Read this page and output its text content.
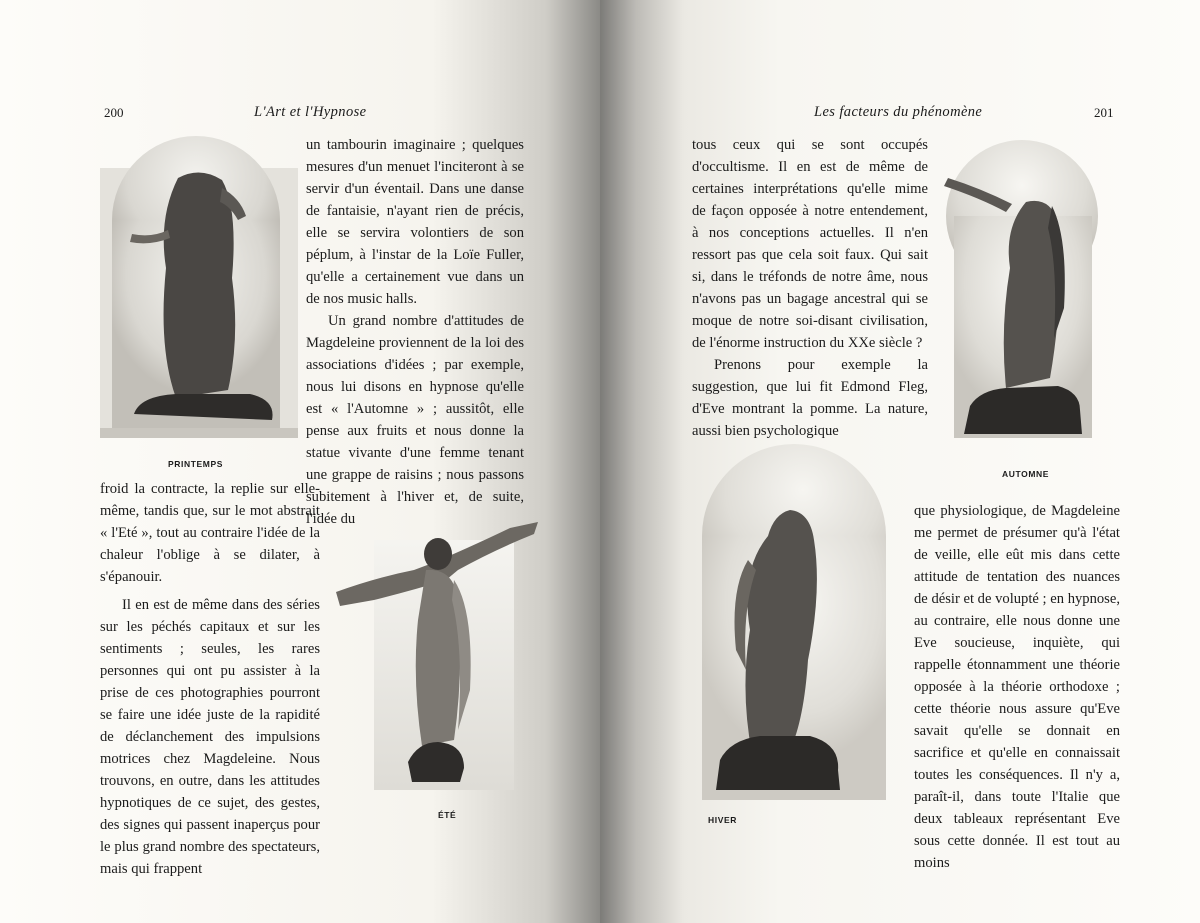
200	L'Art et l'Hypnose
PRINTEMPS

un tambourin imaginaire ; quelques mesures d'un menuet l'inciteront à se servir d'un éventail. Dans une danse de fantaisie, n'ayant rien de précis, elle se servira volontiers de son péplum, à l'instar de la Loïe Fuller, qu'elle a certainement vue dans un de nos music halls.

Un grand nombre d'attitudes de Magdeleine proviennent de la loi des associations d'idées ; par exemple, nous lui disons en hypnose qu'elle est « l'Automne » ; aussitôt, elle pense aux fruits et nous donne la statue vivante d'une femme tenant une grappe de raisins ; nous passons subitement à l'hiver et, de suite, l'idée du

froid la contracte, la replie sur elle-même, tandis que, sur le mot abstrait « l'Eté », tout au contraire l'idée de la chaleur l'oblige à se dilater, à s'épanouir.

Il en est de même dans des séries sur les péchés capitaux et sur les sentiments ; seules, les rares personnes qui ont pu assister à la prise de ces photographies pourront se faire une idée juste de la rapidité de déclanchement des impulsions motrices chez Magdeleine. Nous trouvons, en outre, dans les attitudes hypnotiques de ce sujet, des gestes, des signes qui passent inaperçus pour le plus grand nombre des spectateurs, mais qui frappent

ÉTÉ
Les facteurs du phénomène	201

tous ceux qui se sont occupés d'occultisme. Il en est de même de certaines interprétations qu'elle mime de façon opposée à notre entendement, à nos conceptions actuelles. Il n'en ressort pas que cela soit faux. Qui sait si, dans le tréfonds de notre âme, nous n'avons pas un bagage ancestral qui se moque de notre soi-disant civilisation, de l'énorme instruction du XXe siècle ?

Prenons pour exemple la suggestion, que lui fit Edmond Fleg, d'Eve montrant la pomme. La nature, aussi bien psychologique

AUTOMNE
HIVER

que physiologique, de Magdeleine me permet de présumer qu'à l'état de veille, elle eût mis dans cette attitude de tentation des nuances de désir et de volupté ; en hypnose, au contraire, elle nous donne une Eve soucieuse, inquiète, qui rappelle étonnamment une théorie opposée à la théorie orthodoxe ; cette théorie nous assure qu'Eve savait qu'elle se donnait en sacrifice et qu'elle en connaissait toutes les conséquences. Il n'y a, paraît-il, dans toute l'Italie que deux tableaux représentant Eve sous cette donnée. Il est tout au moins
